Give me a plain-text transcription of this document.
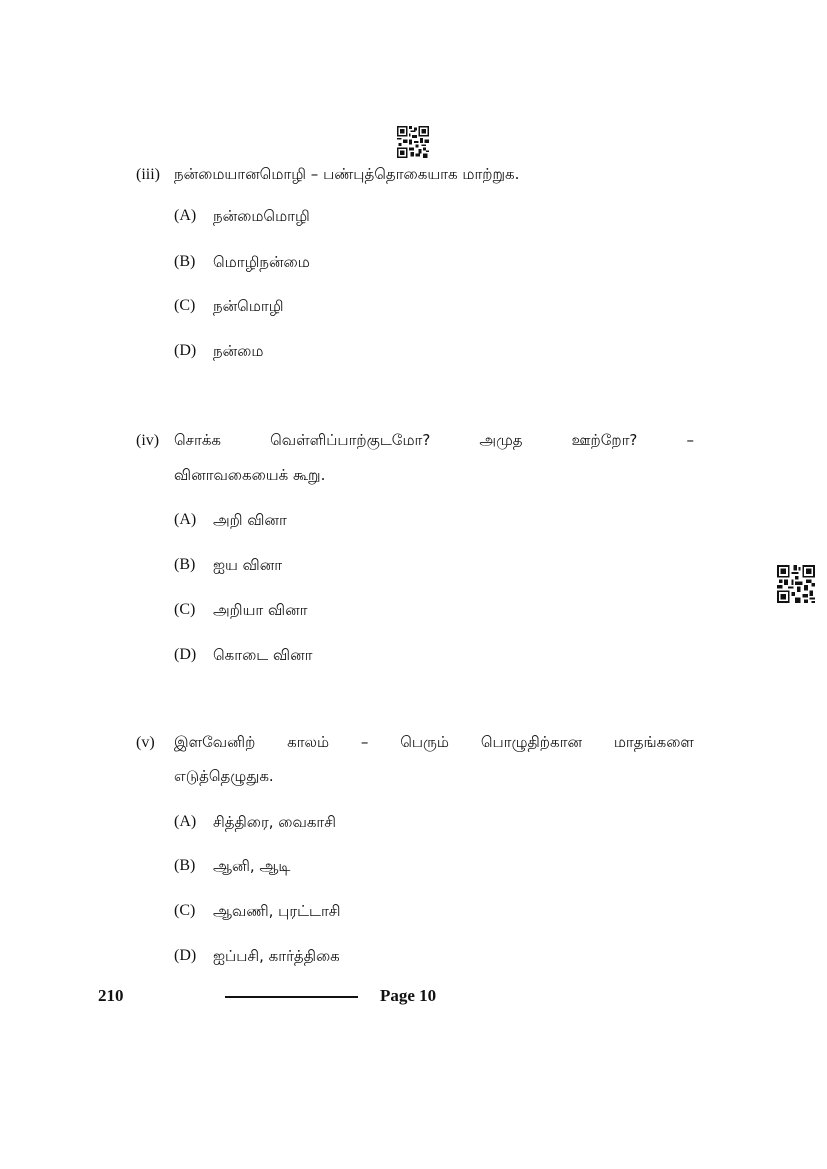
(iii) நன்மையானமொழி – பண்புத்தொகையாக மாற்றுக.
(A) நன்மைமொழி
(B) மொழிநன்மை
(C) நன்மொழி
(D) நன்மை
(iv) சொக்க	வெள்ளிப்பாற்குடமோ?	அமுத	ஊற்றோ?	–
வினாவகையைக் கூறு.
(A) அறி வினா
(B) ஐய வினா
(C) அறியா வினா
(D) கொடை வினா
(v) இளவேனிற் காலம் – பெரும் பொழுதிற்கான மாதங்களை
எடுத்தெழுதுக.
(A) சித்திரை, வைகாசி
(B) ஆனி, ஆடி
(C) ஆவணி, புரட்டாசி
(D) ஐப்பசி, கார்த்திகை
210	Page 10
